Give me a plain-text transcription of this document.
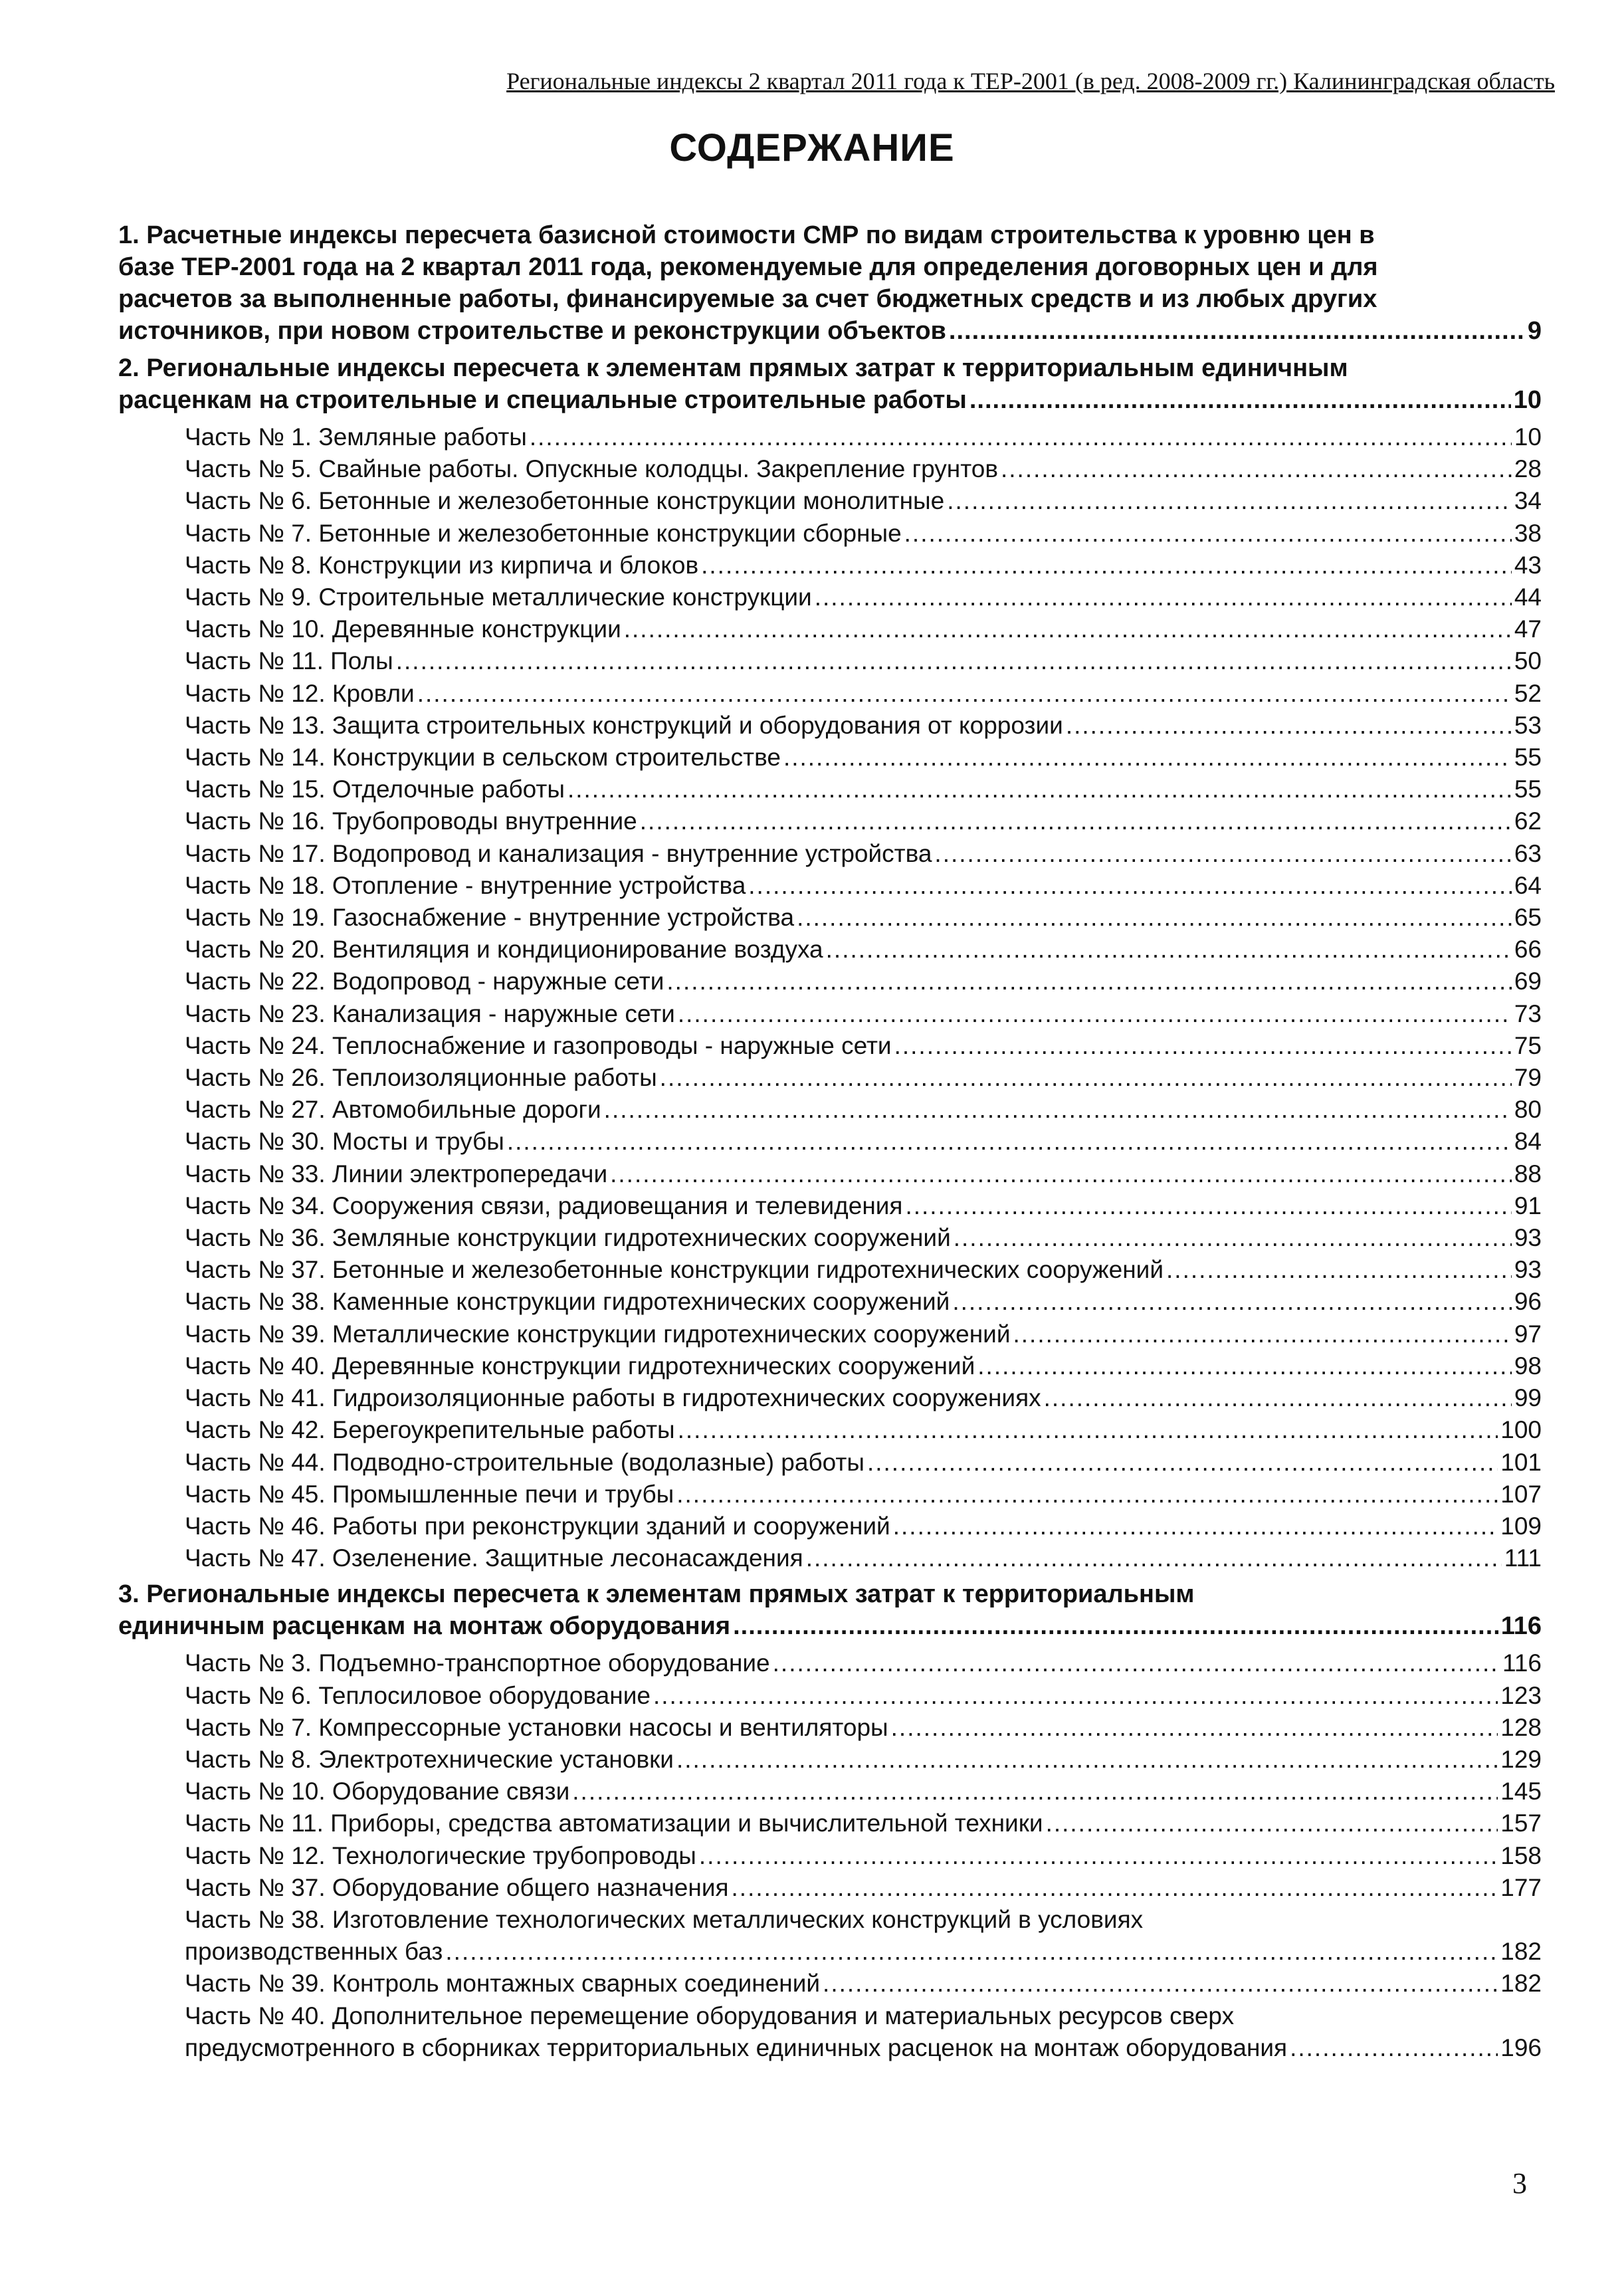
Региональные индексы 2 квартал 2011 года к ТЕР-2001 (в ред. 2008-2009 гг.) Калининградская область
СОДЕРЖАНИЕ
1. Расчетные индексы пересчета базисной стоимости СМР по видам строительства к уровню цен в
базе ТЕР-2001 года на 2 квартал 2011 года, рекомендуемые для определения договорных цен и для
расчетов за выполненные работы, финансируемые за счет бюджетных средств и из любых других
источников, при новом строительстве и реконструкции объектов .....	9
2. Региональные индексы пересчета к элементам прямых затрат к территориальным единичным
расценкам на строительные и специальные строительные работы .....	10
Часть № 1. Земляные работы .....	10
Часть № 5. Свайные работы. Опускные колодцы. Закрепление грунтов .....	28
Часть № 6. Бетонные и железобетонные конструкции монолитные .....	34
Часть № 7. Бетонные и железобетонные конструкции сборные .....	38
Часть № 8. Конструкции из кирпича и блоков .....	43
Часть № 9. Строительные металлические конструкции .....	44
Часть № 10. Деревянные конструкции .....	47
Часть № 11. Полы .....	50
Часть № 12. Кровли .....	52
Часть № 13. Защита строительных конструкций и оборудования от коррозии .....	53
Часть № 14. Конструкции в сельском строительстве .....	55
Часть № 15. Отделочные работы .....	55
Часть № 16. Трубопроводы внутренние .....	62
Часть № 17. Водопровод и канализация - внутренние устройства .....	63
Часть № 18. Отопление - внутренние устройства .....	64
Часть № 19. Газоснабжение - внутренние устройства .....	65
Часть № 20. Вентиляция и кондиционирование воздуха .....	66
Часть № 22. Водопровод - наружные сети .....	69
Часть № 23. Канализация - наружные сети .....	73
Часть № 24. Теплоснабжение и газопроводы - наружные сети .....	75
Часть № 26. Теплоизоляционные работы .....	79
Часть № 27. Автомобильные дороги .....	80
Часть № 30. Мосты и трубы .....	84
Часть № 33. Линии электропередачи .....	88
Часть № 34. Сооружения связи, радиовещания и телевидения .....	91
Часть № 36. Земляные конструкции гидротехнических сооружений .....	93
Часть № 37. Бетонные и железобетонные конструкции гидротехнических сооружений .....	93
Часть № 38. Каменные конструкции гидротехнических сооружений .....	96
Часть № 39. Металлические конструкции гидротехнических сооружений .....	97
Часть № 40. Деревянные конструкции гидротехнических сооружений .....	98
Часть № 41. Гидроизоляционные работы в гидротехнических сооружениях .....	99
Часть № 42. Берегоукрепительные работы .....	100
Часть № 44. Подводно-строительные (водолазные) работы .....	101
Часть № 45. Промышленные печи и трубы .....	107
Часть № 46. Работы при реконструкции зданий и сооружений .....	109
Часть № 47. Озеленение. Защитные лесонасаждения .....	111
3. Региональные индексы пересчета к элементам прямых затрат к территориальным
единичным расценкам на монтаж оборудования .....	116
Часть № 3. Подъемно-транспортное оборудование .....	116
Часть № 6. Теплосиловое оборудование .....	123
Часть № 7. Компрессорные установки насосы и вентиляторы .....	128
Часть № 8. Электротехнические установки .....	129
Часть № 10. Оборудование связи .....	145
Часть № 11. Приборы, средства автоматизации и вычислительной техники .....	157
Часть № 12. Технологические трубопроводы .....	158
Часть № 37. Оборудование общего назначения .....	177
Часть № 38. Изготовление технологических металлических конструкций в условиях
производственных баз .....	182
Часть № 39. Контроль монтажных сварных соединений .....	182
Часть № 40. Дополнительное перемещение оборудования и материальных ресурсов сверх
предусмотренного в сборниках территориальных единичных расценок на монтаж оборудования .....	196
3
